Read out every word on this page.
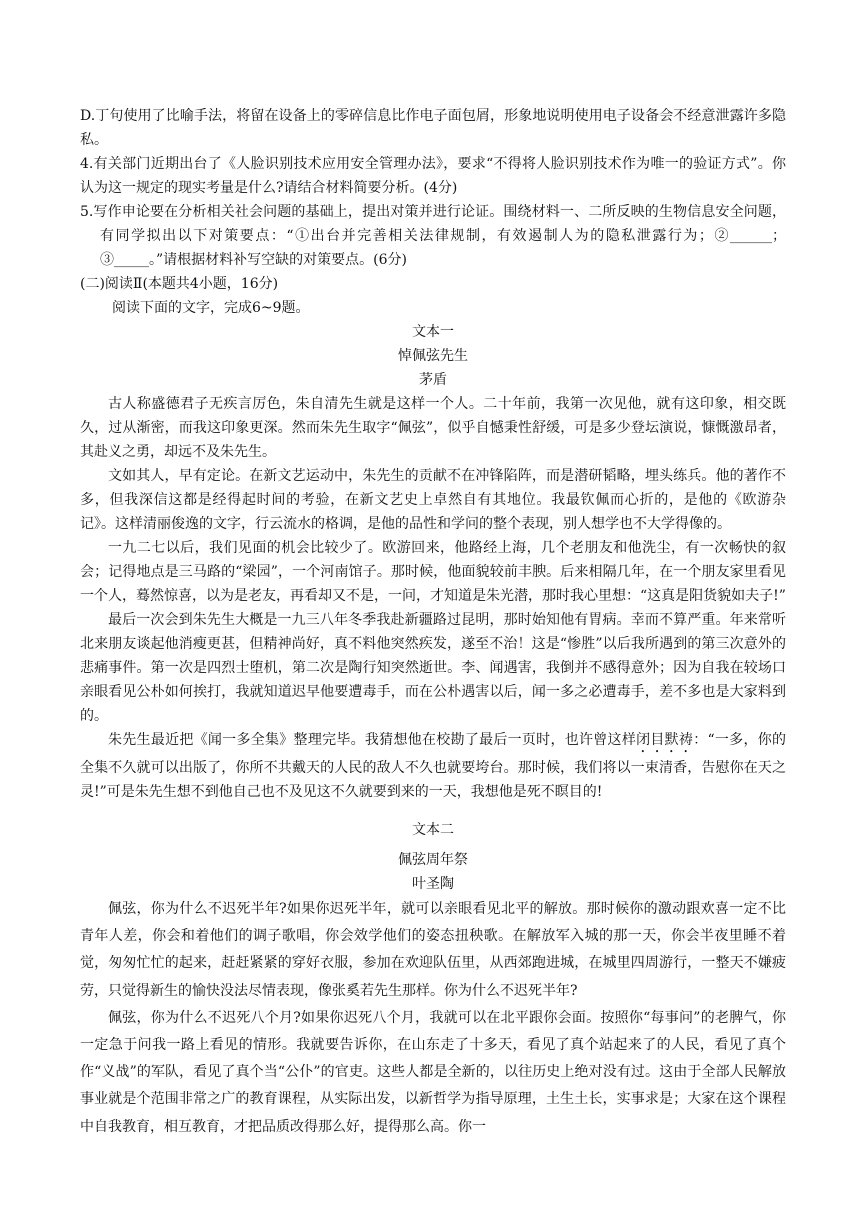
D.丁句使用了比喻手法，将留在设备上的零碎信息比作电子面包屑，形象地说明使用电子设备会不经意泄露许多隐私。

4.有关部门近期出台了《人脸识别技术应用安全管理办法》，要求“不得将人脸识别技术作为唯一的验证方式”。你认为这一规定的现实考量是什么?请结合材料简要分析。(4分)

5.写作申论要在分析相关社会问题的基础上，提出对策并进行论证。围绕材料一、二所反映的生物信息安全问题，有同学拟出以下对策要点：“①出台并完善相关法律规制，有效遏制人为的隐私泄露行为；②______；③_____。”请根据材料补写空缺的对策要点。(6分)

(二)阅读Ⅱ(本题共4小题，16分)

阅读下面的文字，完成6~9题。

文本一

悼佩弦先生

茅盾

古人称盛德君子无疾言厉色，朱自清先生就是这样一个人。二十年前，我第一次见他，就有这印象，相交既久，过从渐密，而我这印象更深。然而朱先生取字“佩弦”，似乎自憾秉性舒缓，可是多少登坛演说，慷慨激昂者，其赴义之勇，却远不及朱先生。

文如其人，早有定论。在新文艺运动中，朱先生的贡献不在冲锋陷阵，而是潜研韬略，埋头练兵。他的著作不多，但我深信这都是经得起时间的考验，在新文艺史上卓然自有其地位。我最钦佩而心折的，是他的《欧游杂记》。这样清丽俊逸的文字，行云流水的格调，是他的品性和学问的整个表现，别人想学也不大学得像的。

一九二七以后，我们见面的机会比较少了。欧游回来，他路经上海，几个老朋友和他洗尘，有一次畅快的叙会；记得地点是三马路的“梁园”，一个河南馆子。那时候，他面貌较前丰腴。后来相隔几年，在一个朋友家里看见一个人，蓦然惊喜，以为是老友，再看却又不是，一问，才知道是朱光潜，那时我心里想：“这真是阳货貌如夫子!”

最后一次会到朱先生大概是一九三八年冬季我赴新疆路过昆明，那时始知他有胃病。幸而不算严重。年来常听北来朋友谈起他消瘦更甚，但精神尚好，真不料他突然疾发，遂至不治！这是“惨胜”以后我所遇到的第三次意外的悲痛事件。第一次是四烈士堕机，第二次是陶行知突然逝世。李、闻遇害，我倒并不感得意外；因为自我在较场口亲眼看见公朴如何挨打，我就知道迟早他要遭毒手，而在公朴遇害以后，闻一多之必遭毒手，差不多也是大家料到的。

朱先生最近把《闻一多全集》整理完毕。我猜想他在校勘了最后一页时，也许曾这样闭目默祷：“一多，你的全集不久就可以出版了，你所不共戴天的人民的敌人不久也就要垮台。那时候，我们将以一束清香，告慰你在天之灵!”可是朱先生想不到他自己也不及见这不久就要到来的一天，我想他是死不瞑目的!

文本二

佩弦周年祭

叶圣陶

佩弦，你为什么不迟死半年?如果你迟死半年，就可以亲眼看见北平的解放。那时候你的激动跟欢喜一定不比青年人差，你会和着他们的调子歌唱，你会效学他们的姿态扭秧歌。在解放军入城的那一天，你会半夜里睡不着觉，匆匆忙忙的起来，赶赶紧紧的穿好衣服，参加在欢迎队伍里，从西郊跑进城，在城里四周游行，一整天不嫌疲劳，只觉得新生的愉快没法尽情表现，像张奚若先生那样。你为什么不迟死半年?

佩弦，你为什么不迟死八个月?如果你迟死八个月，我就可以在北平跟你会面。按照你“每事问”的老脾气，你一定急于问我一路上看见的情形。我就要告诉你，在山东走了十多天，看见了真个站起来了的人民，看见了真个作“义战”的军队，看见了真个当“公仆”的官吏。这些人都是全新的，以往历史上绝对没有过。这由于全部人民解放事业就是个范围非常之广的教育课程，从实际出发，以新哲学为指导原理，土生土长，实事求是；大家在这个课程中自我教育，相互教育，才把品质改得那么好，提得那么高。你一
